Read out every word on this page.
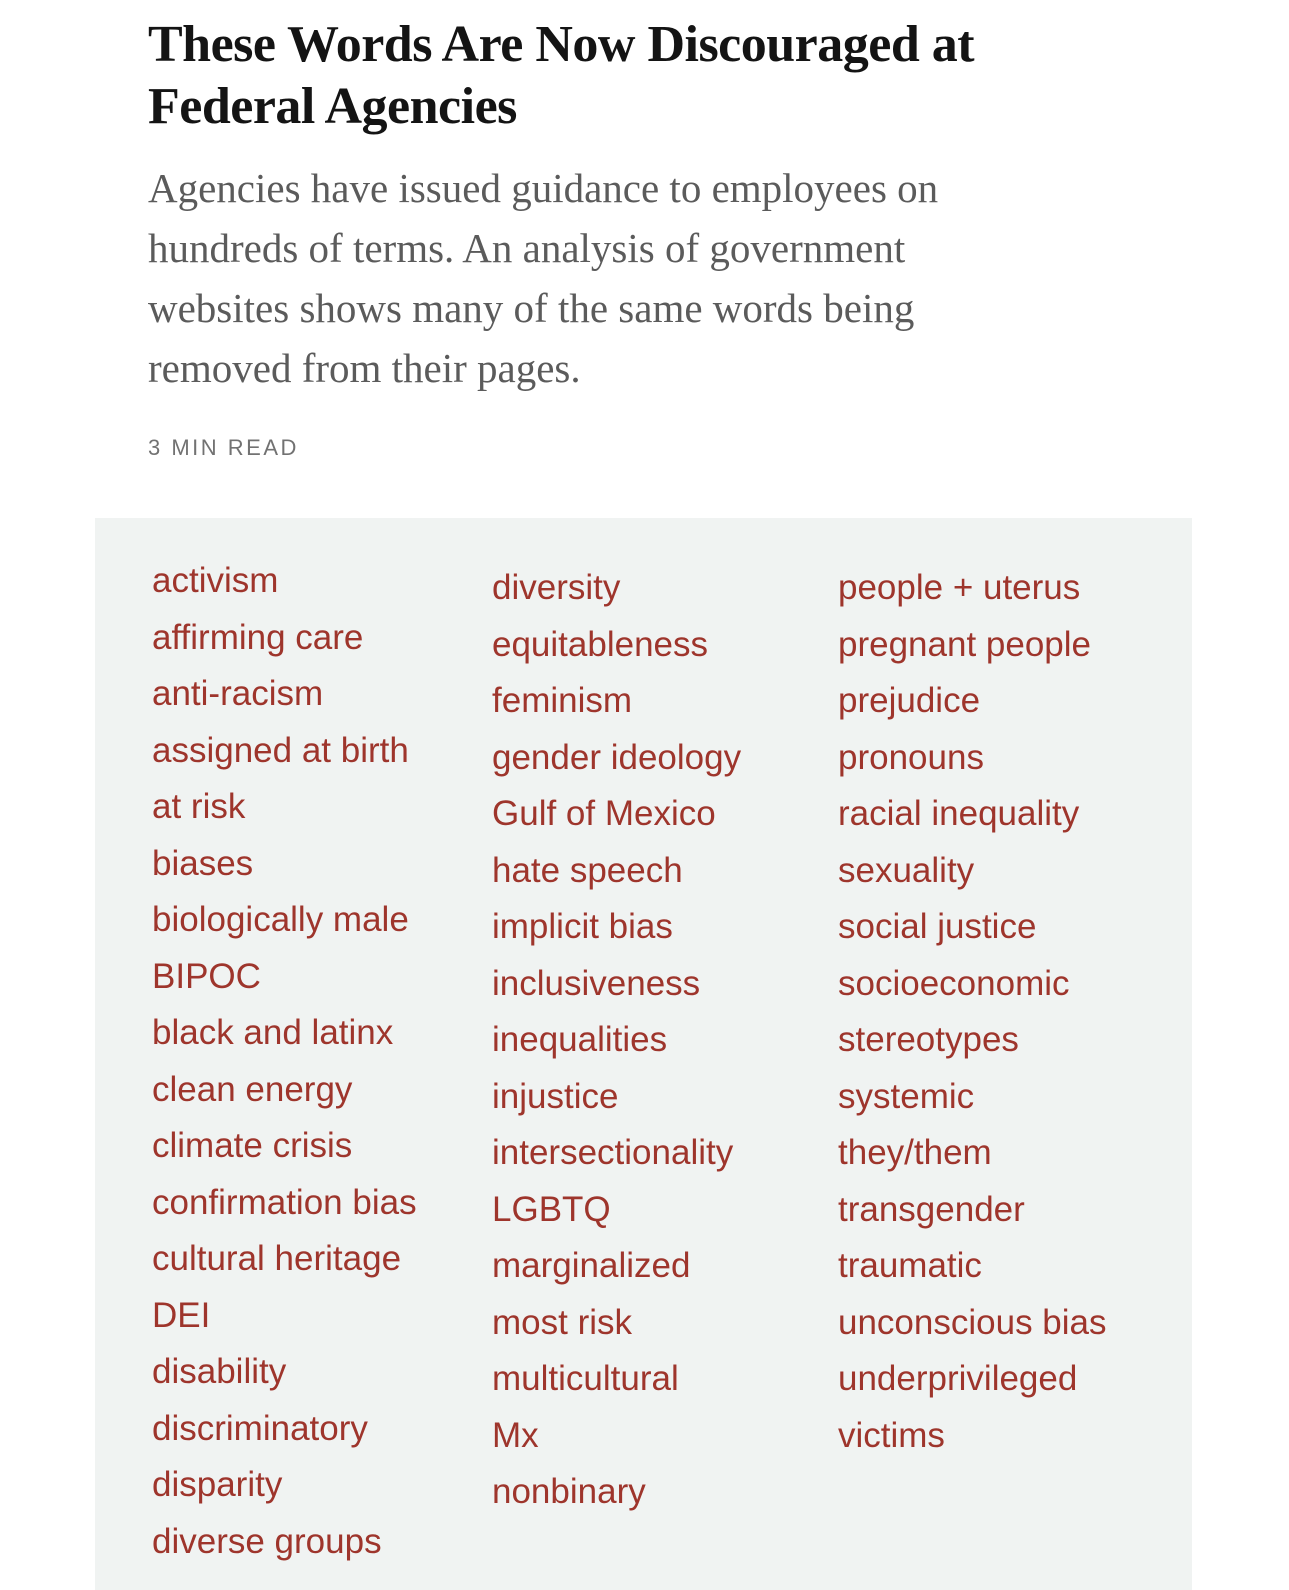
These Words Are Now Discouraged at
Federal Agencies
Agencies have issued guidance to employees on
hundreds of terms. An analysis of government
websites shows many of the same words being
removed from their pages.
3 MIN READ
activism
affirming care
anti-racism
assigned at birth
at risk
biases
biologically male
BIPOC
black and latinx
clean energy
climate crisis
confirmation bias
cultural heritage
DEI
disability
discriminatory
disparity
diverse groups
diversity
equitableness
feminism
gender ideology
Gulf of Mexico
hate speech
implicit bias
inclusiveness
inequalities
injustice
intersectionality
LGBTQ
marginalized
most risk
multicultural
Mx
nonbinary
people + uterus
pregnant people
prejudice
pronouns
racial inequality
sexuality
social justice
socioeconomic
stereotypes
systemic
they/them
transgender
traumatic
unconscious bias
underprivileged
victims
